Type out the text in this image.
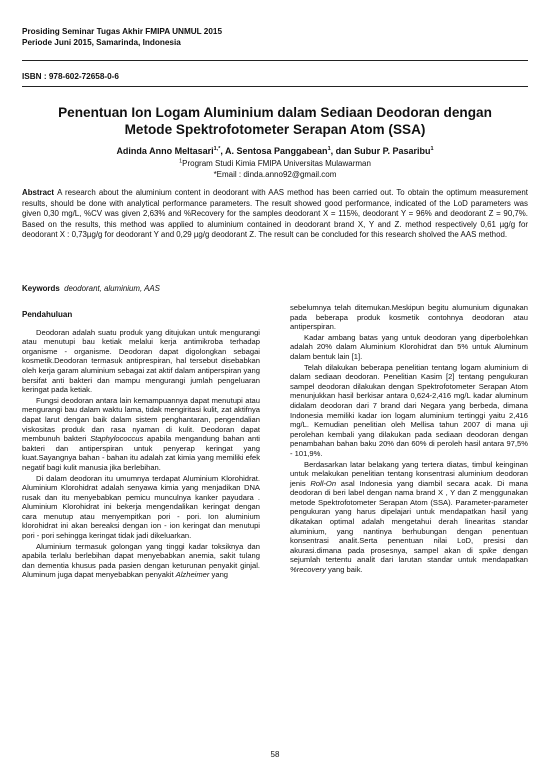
Prosiding Seminar Tugas Akhir FMIPA UNMUL 2015
Periode Juni 2015, Samarinda, Indonesia
ISBN : 978-602-72658-0-6
Penentuan Ion Logam Aluminium dalam Sediaan Deodoran dengan
Metode Spektrofotometer Serapan Atom (SSA)
Adinda Anno Meltasari$^{1,*}$, A. Sentosa Panggabean$^1$, dan Subur P. Pasaribu$^1$
$^1$Program Studi Kimia FMIPA Universitas Mulawarman
*Email : dinda.anno92@gmail.com
Abstract A research about the aluminium content in deodorant with AAS method has been carried out. To obtain the optimum measurement results, should be done with analytical performance parameters. The result showed good performance, indicated of the LoD parameters was given 0,30 mg/L, %CV was given 2,63% and %Recovery for the samples deodorant X = 115%, deodorant Y = 96% and deodorant Z = 90,7%. Based on the results, this method was applied to aluminium contained in deodorant brand X, Y and Z. method respectively 0,61 µg/g for deodorant X : 0,73µg/g for deodorant Y and 0,29 µg/g deodorant Z. The result can be concluded for this research sholved the AAS method.
Keywords deodorant, aluminium, AAS
Pendahuluan

Deodoran adalah suatu produk yang ditujukan untuk mengurangi atau menutupi bau ketiak melalui kerja antimikroba terhadap organisme - organisme. Deodoran dapat digolongkan sebagai kosmetik.Deodoran termasuk antiprespiran, hal tersebut disebabkan oleh kerja garam aluminium sebagai zat aktif dalam antiperspiran yang bersifat anti bakteri dan mampu mengurangi jumlah pengeluaran keringat pada ketiak.

Fungsi deodoran antara lain kemampuannya dapat menutupi atau mengurangi bau dalam waktu lama, tidak mengiritasi kulit, zat aktifnya dapat larut dengan baik dalam sistem penghantaran, pengendalian viskositas produk dan rasa nyaman di kulit. Deodoran dapat membunuh bakteri Staphylococcus apabila mengandung bahan anti bakteri dan antiperspiran untuk penyerap keringat yang kuat.Sayangnya bahan - bahan itu adalah zat kimia yang memiliki efek negatif bagi kulit manusia jika berlebihan.

Di dalam deodoran itu umumnya terdapat Aluminium Klorohidrat. Aluminium Klorohidrat adalah senyawa kimia yang menjadikan DNA rusak dan itu menyebabkan pemicu munculnya kanker payudara . Aluminium Klorohidrat ini bekerja mengendalikan keringat dengan cara menutup atau menyempitkan pori - pori. Ion aluminium klorohidrat ini akan bereaksi dengan ion - ion keringat dan menutupi pori - pori sehingga keringat tidak jadi dikeluarkan.

Aluminium termasuk golongan yang tinggi kadar toksiknya dan apabila terlalu berlebihan dapat menyebabkan anemia, sakit tulang dan dementia khusus pada pasien dengan keturunan penyakit ginjal. Aluminum juga dapat menyebabkan penyakit Alzheimer yang

sebelumnya telah ditemukan.Meskipun begitu alumunium digunakan pada beberapa produk kosmetik contohnya deodoran atau antiperspiran.

Kadar ambang batas yang untuk deodoran yang diperbolehkan adalah 20% dalam Aluminium Klorohidrat dan 5% untuk Aluminum dalam bentuk lain [1].

Telah dilakukan beberapa penelitian tentang logam aluminium di dalam sediaan deodoran. Penelitian Kasim [2] tentang pengukuran sampel deodoran dilakukan dengan Spektrofotometer Serapan Atom menunjukkan hasil berkisar antara 0,624-2,416 mg/L kadar aluminum didalam deodoran dari 7 brand dari Negara yang berbeda, dimana Indonesia memiliki kadar ion logam aluminium tertinggi yaitu 2,416 mg/L. Kemudian penelitian oleh Mellisa tahun 2007 di mana uji perolehan kembali yang dilakukan pada sediaan deodoran dengan penambahan bahan baku 20% dan 60% di peroleh hasil antara 97,5% - 101,9%.

Berdasarkan latar belakang yang tertera diatas, timbul keinginan untuk melakukan penelitian tentang konsentrasi aluminium deodoran jenis Roll-On asal Indonesia yang diambil secara acak. Di mana deodoran di beri label dengan nama brand X , Y dan Z menggunakan metode Spektrofotometer Serapan Atom (SSA). Parameter-parameter pengukuran yang harus dipelajari untuk mendapatkan hasil yang dikatakan optimal adalah mengetahui derah linearitas standar aluminium, yang nantinya berhubungan dengan penentuan konsentrasi analit.Serta penentuan nilai LoD, presisi dan akurasi.dimana pada prosesnya, sampel akan di spike dengan sejumlah tertentu analit dari larutan standar untuk mendapatkan %recovery yang baik.

58
